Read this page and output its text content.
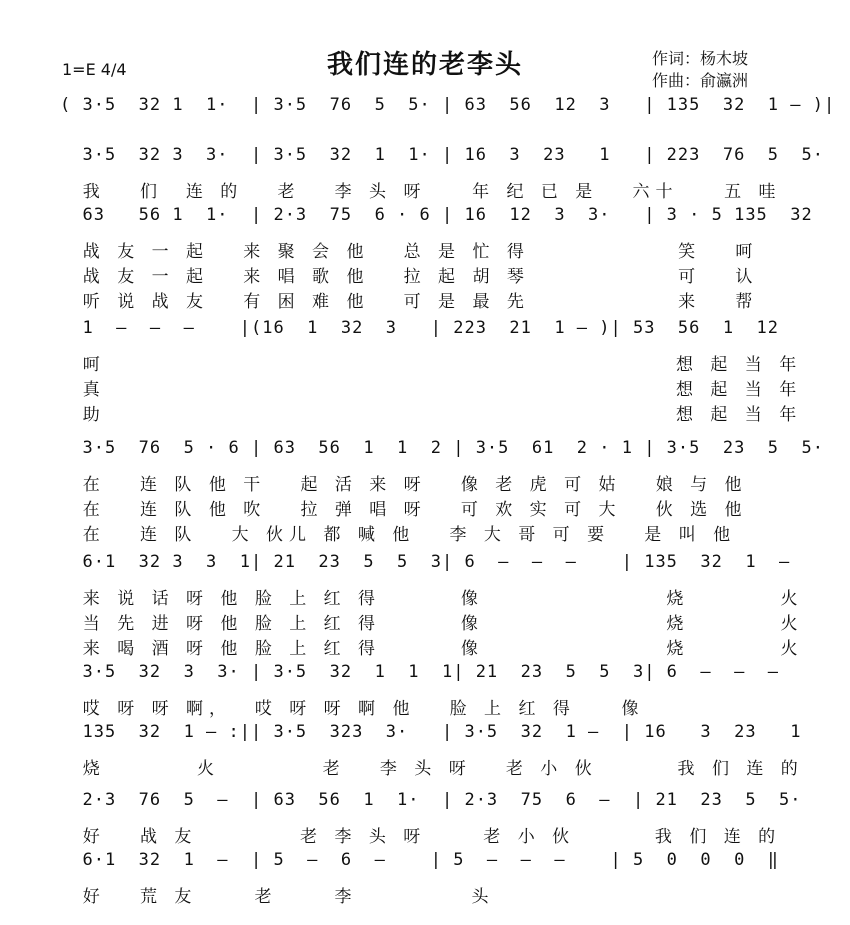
1=E 4/4	我们连的老李头	作词：杨木坡
作曲：俞瀛洲
( 3·5  32 1  1·  | 3·5  76  5  5· | 63  56  12  3   | 135  32  1 — )|
3·5  32 3  3·  | 3·5  32  1  1· | 16  3  23   1   | 223  76  5  5·
我   们  连 的   老   李 头 呀    年 纪 已 是   六十    五 哇
63   56 1  1·  | 2·3  75  6 · 6 | 16  12  3  3·   | 3 · 5 135  32
战 友 一 起   来 聚 会 他   总 是 忙 得             笑   呵
战 友 一 起   来 唱 歌 他   拉 起 胡 琴             可   认
听 说 战 友   有 困 难 他   可 是 最 先             来   帮
1  —  —  —    |(16  1  32  3   | 223  21  1 — )| 53  56  1  12
呵                                                  想 起 当 年
真                                                  想 起 当 年
助                                                  想 起 当 年
3·5  76  5 · 6 | 63  56  1  1  2 | 3·5  61  2 · 1 | 3·5  23  5  5·
在   连 队 他 干   起 活 来 呀   像 老 虎 可 姑   娘 与 他
在   连 队 他 吹   拉 弹 唱 呀   可 欢 实 可 大   伙 选 他
在   连 队   大 伙儿 都 喊 他   李 大 哥 可 要   是 叫 他
6·1  32 3  3  1| 21  23  5  5  3| 6  —  —  —    | 135  32  1  —
来 说 话 呀 他 脸 上 红 得       像                烧        火
当 先 进 呀 他 脸 上 红 得       像                烧        火
来 喝 酒 呀 他 脸 上 红 得       像                烧        火
3·5  32  3  3· | 3·5  32  1  1  1| 21  23  5  5  3| 6  —  —  —
哎 呀 呀 啊，  哎 呀 呀 啊 他   脸 上 红 得    像
135  32  1 — :|| 3·5  323  3·   | 3·5  32  1 —  | 16   3  23   1
烧        火         老   李 头 呀   老 小 伙       我 们 连 的
2·3  76  5  —  | 63  56  1  1·  | 2·3  75  6  —  | 21  23  5  5·
好   战 友         老 李 头 呀     老 小 伙       我 们 连 的
6·1  32  1  —  | 5  —  6  —    | 5  —  —  —    | 5  0  0  0  ‖
好   荒 友     老     李          头
